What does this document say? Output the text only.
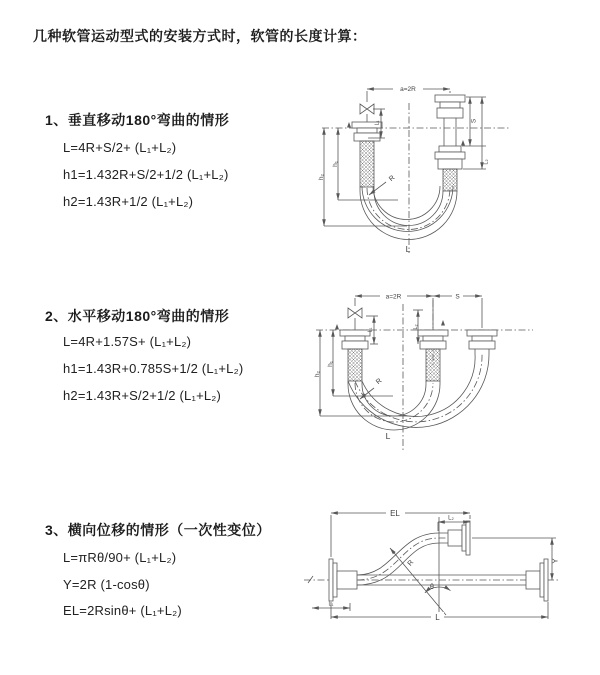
几种软管运动型式的安装方式时，软管的长度计算：
1、垂直移动180°弯曲的情形
L=4R+S/2+ (L₁+L₂)
h1=1.432R+S/2+1/2 (L₁+L₂)
h2=1.43R+1/2 (L₁+L₂)
2、水平移动180°弯曲的情形
L=4R+1.57S+ (L₁+L₂)
h1=1.43R+0.785S+1/2 (L₁+L₂)
h2=1.43R+S/2+1/2 (L₁+L₂)
3、横向位移的情形（一次性变位）
L=πRθ/90+ (L₁+L₂)
Y=2R (1-cosθ)
EL=2Rsinθ+ (L₁+L₂)
a=2R
L₁
h₁
h₂
S
L₂
R
L
a=2R	S
L₁
L₂
h₁
h₂
R
L
EL
L₂
Y
R
θ
L
L₁
